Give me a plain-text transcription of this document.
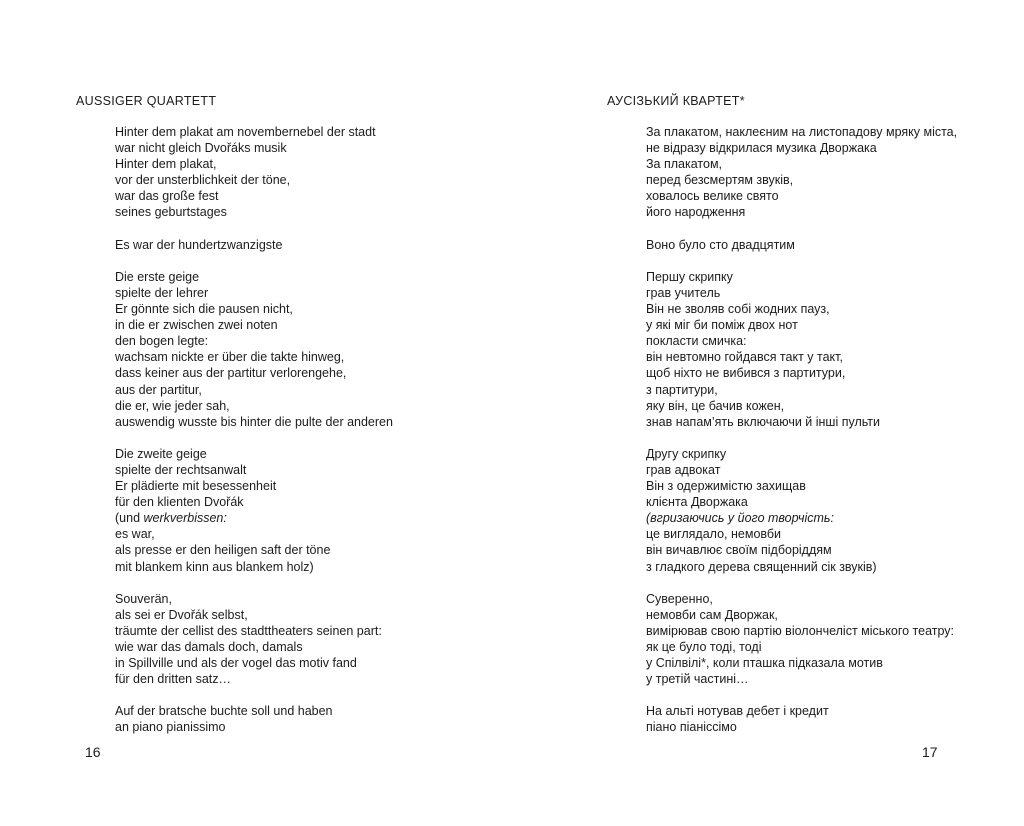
AUSSIGER QUARTETT
Hinter dem plakat am novembernebel der stadt
war nicht gleich Dvořáks musik
Hinter dem plakat,
vor der unsterblichkeit der töne,
war das große fest
seines geburtstages
Es war der hundertzwanzigste
Die erste geige
spielte der lehrer
Er gönnte sich die pausen nicht,
in die er zwischen zwei noten
den bogen legte:
wachsam nickte er über die takte hinweg,
dass keiner aus der partitur verlorengehe,
aus der partitur,
die er, wie jeder sah,
auswendig wusste bis hinter die pulte der anderen
Die zweite geige
spielte der rechtsanwalt
Er plädierte mit besessenheit
für den klienten Dvořák
(und werkverbissen:
es war,
als presse er den heiligen saft der töne
mit blankem kinn aus blankem holz)
Souverän,
als sei er Dvořák selbst,
träumte der cellist des stadttheaters seinen part:
wie war das damals doch, damals
in Spillville und als der vogel das motiv fand
für den dritten satz…
Auf der bratsche buchte soll und haben
an piano pianissimo
16
АУСІЗЬКИЙ КВАРТЕТ*
За плакатом, наклеєним на листопадову мряку міста,
не відразу відкрилася музика Дворжака
За плакатом,
перед безсмертям звуків,
ховалось велике свято
його народження
Воно було сто двадцятим
Першу скрипку
грав учитель
Він не зволяв собі жодних пауз,
у які міг би поміж двох нот
покласти смичка:
він невтомно гойдався такт у такт,
щоб ніхто не вибився з партитури,
з партитури,
яку він, це бачив кожен,
знав напам’ять включаючи й інші пульти
Другу скрипку
грав адвокат
Він з одержимістю захищав
клієнта Дворжака
(вгризаючись у його творчість:
це виглядало, немовби
він вичавлює своїм підборіддям
з гладкого дерева священний сік звуків)
Суверенно,
немовби сам Дворжак,
вимірював свою партію віолончеліст міського театру:
як це було тоді, тоді
у Спілвілі*, коли пташка підказала мотив
у третій частині…
На альті нотував дебет і кредит
піано піаніссімо
17
